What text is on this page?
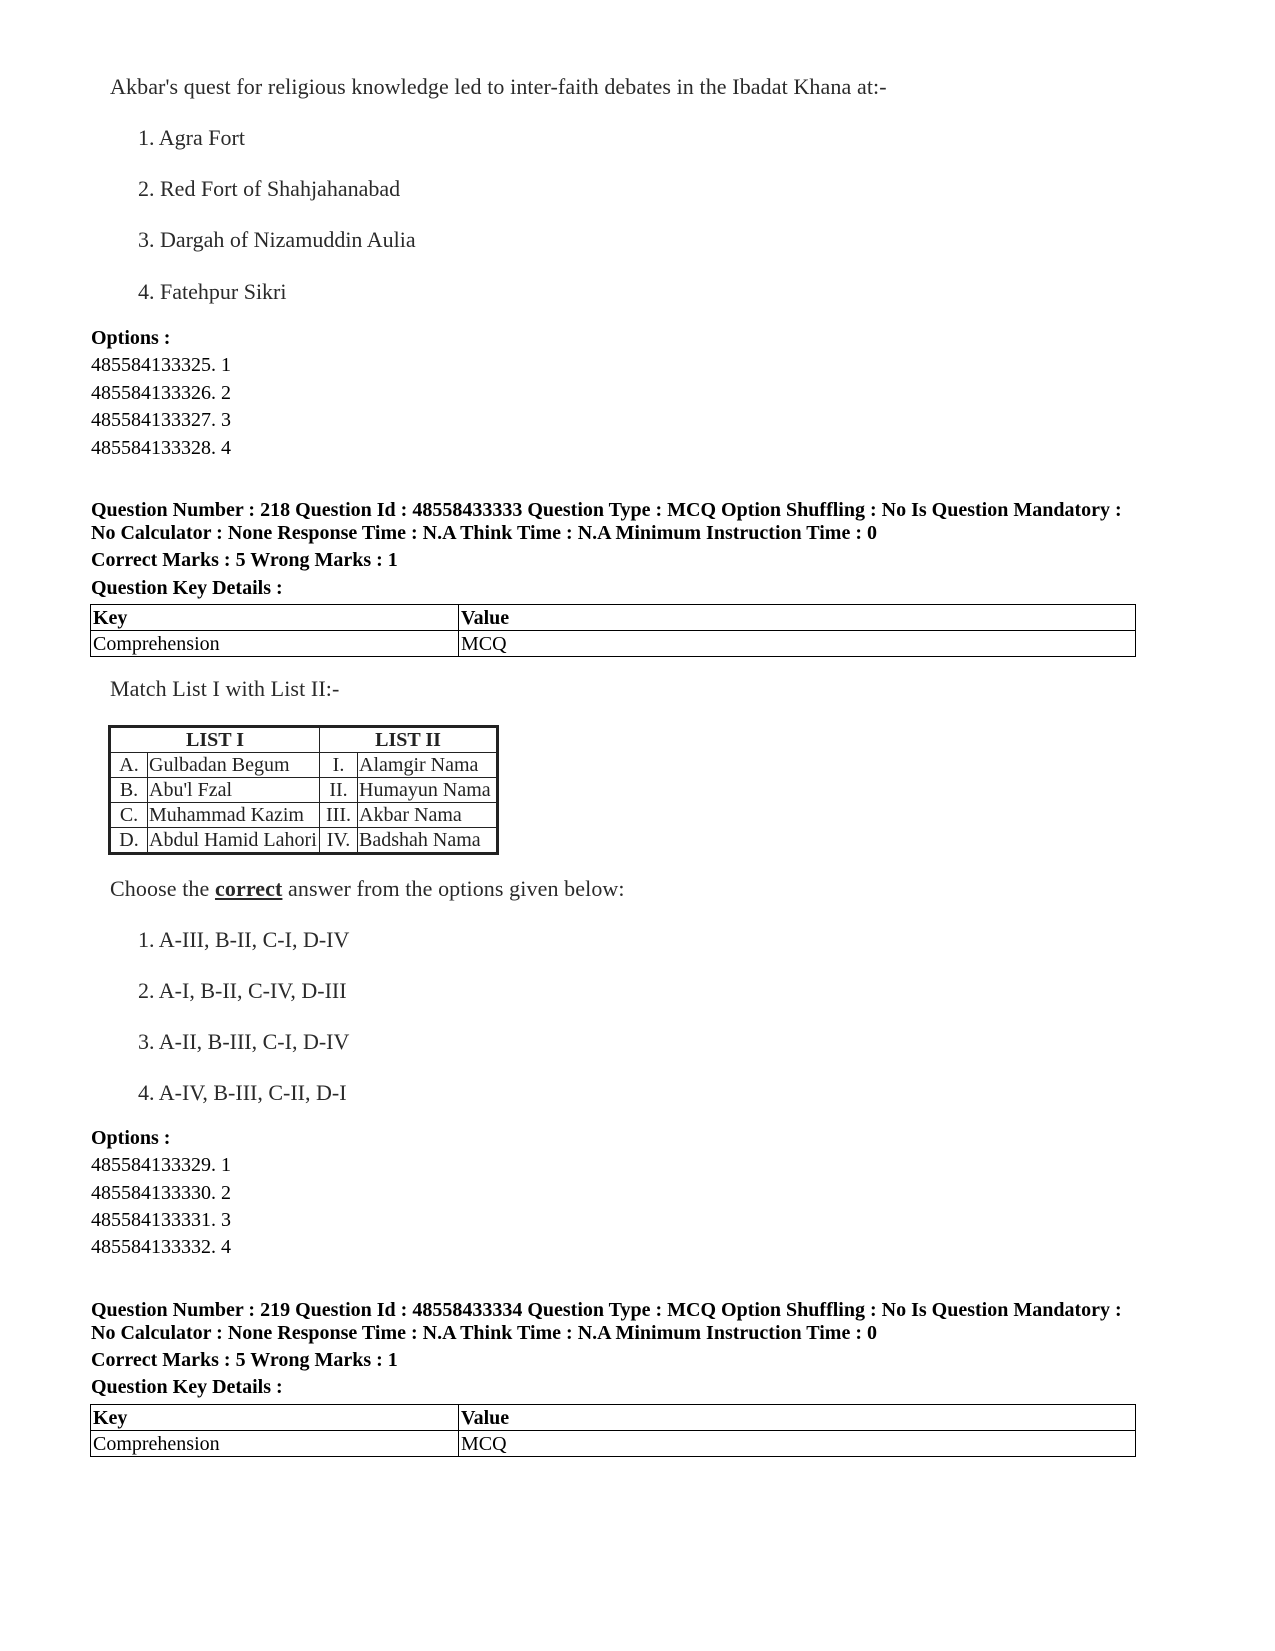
Akbar's quest for religious knowledge led to inter-faith debates in the Ibadat Khana at:-
1. Agra Fort
2. Red Fort of Shahjahanabad
3. Dargah of Nizamuddin Aulia
4. Fatehpur Sikri
Options :
485584133325. 1
485584133326. 2
485584133327. 3
485584133328. 4
Question Number : 218 Question Id : 48558433333 Question Type : MCQ Option Shuffling : No Is Question Mandatory :
No Calculator : None Response Time : N.A Think Time : N.A Minimum Instruction Time : 0
Correct Marks : 5 Wrong Marks : 1
Question Key Details :
Key	Value
Comprehension	MCQ
Match List I with List II:-
LIST I		LIST II	
A.	Gulbadan Begum	I.	Alamgir Nama
B.	Abu'l Fzal	II.	Humayun Nama
C.	Muhammad Kazim	III.	Akbar Nama
D.	Abdul Hamid Lahori	IV.	Badshah Nama
Choose the correct answer from the options given below:
1. A-III, B-II, C-I, D-IV
2. A-I, B-II, C-IV, D-III
3. A-II, B-III, C-I, D-IV
4. A-IV, B-III, C-II, D-I
Options :
485584133329. 1
485584133330. 2
485584133331. 3
485584133332. 4
Question Number : 219 Question Id : 48558433334 Question Type : MCQ Option Shuffling : No Is Question Mandatory :
No Calculator : None Response Time : N.A Think Time : N.A Minimum Instruction Time : 0
Correct Marks : 5 Wrong Marks : 1
Question Key Details :
Key	Value
Comprehension	MCQ
